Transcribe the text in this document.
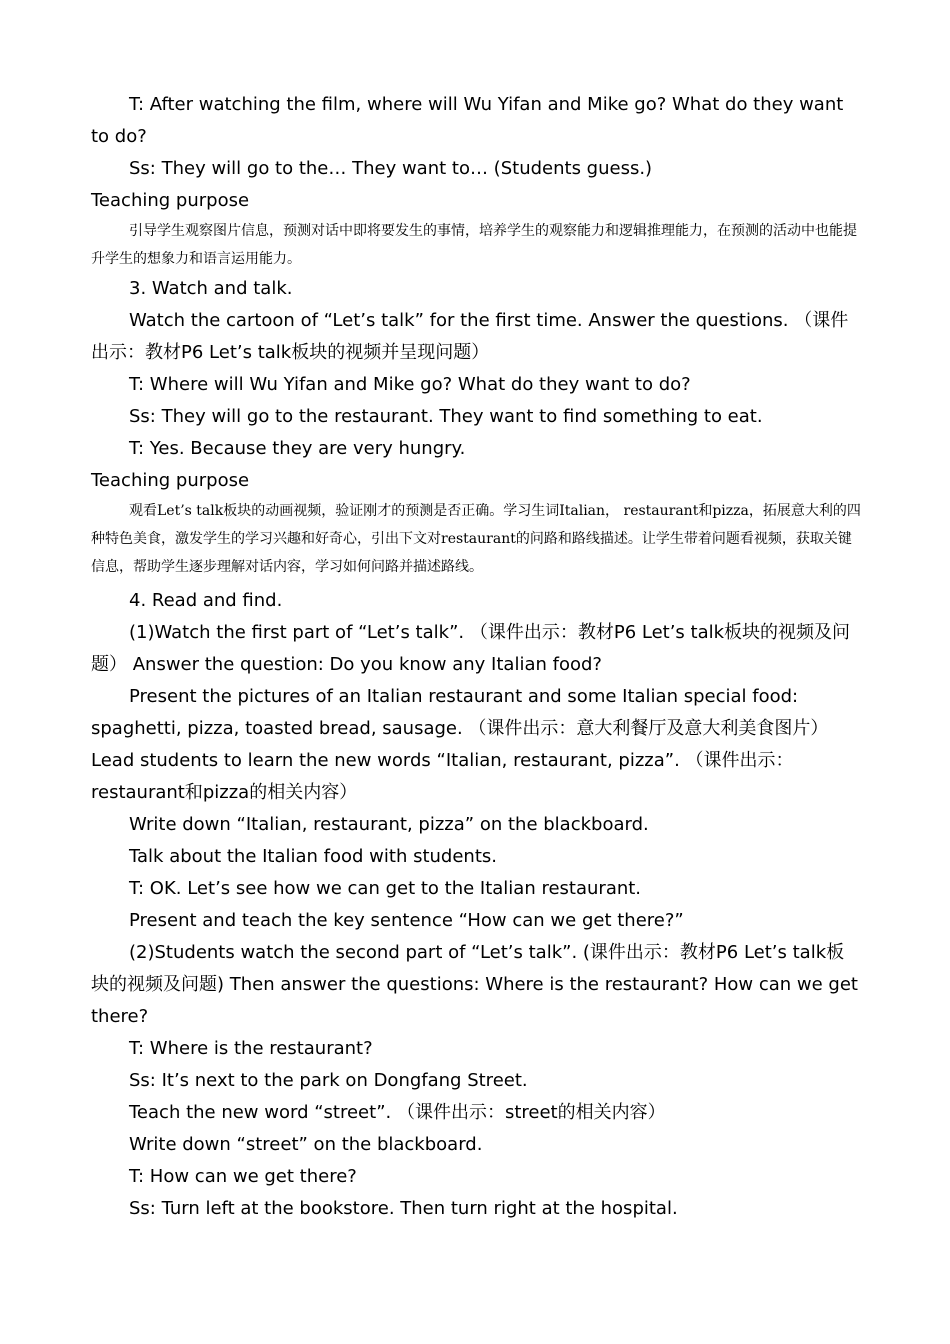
T: After watching the film, where will Wu Yifan and Mike go? What do they want to do?

Ss: They will go to the… They want to… (Students guess.)

Teaching purpose

引导学生观察图片信息，预测对话中即将要发生的事情，培养学生的观察能力和逻辑推理能力，在预测的活动中也能提升学生的想象力和语言运用能力。

3. Watch and talk.

Watch the cartoon of “Let’s talk” for the first time. Answer the questions. （课件出示：教材P6 Let’s talk板块的视频并呈现问题）

T: Where will Wu Yifan and Mike go? What do they want to do?

Ss: They will go to the restaurant. They want to find something to eat.

T: Yes. Because they are very hungry.

Teaching purpose

观看Let’s talk板块的动画视频，验证刚才的预测是否正确。学习生词Italian， restaurant和pizza，拓展意大利的四种特色美食，激发学生的学习兴趣和好奇心，引出下文对restaurant的问路和路线描述。让学生带着问题看视频，获取关键信息，帮助学生逐步理解对话内容，学习如何问路并描述路线。

4. Read and find.

(1)Watch the first part of “Let’s talk”. （课件出示：教材P6 Let’s talk板块的视频及问题） Answer the question: Do you know any Italian food?

Present the pictures of an Italian restaurant and some Italian special food: spaghetti, pizza, toasted bread, sausage. （课件出示：意大利餐厅及意大利美食图片） Lead students to learn the new words “Italian, restaurant, pizza”. （课件出示：restaurant和pizza的相关内容）

Write down “Italian, restaurant, pizza” on the blackboard.

Talk about the Italian food with students.

T: OK. Let’s see how we can get to the Italian restaurant.

Present and teach the key sentence “How can we get there?”

(2)Students watch the second part of “Let’s talk”. (课件出示：教材P6 Let’s talk板块的视频及问题) Then answer the questions: Where is the restaurant? How can we get there?

T: Where is the restaurant?

Ss: It’s next to the park on Dongfang Street.

Teach the new word “street”. （课件出示：street的相关内容）

Write down “street” on the blackboard.

T: How can we get there?

Ss: Turn left at the bookstore. Then turn right at the hospital.
